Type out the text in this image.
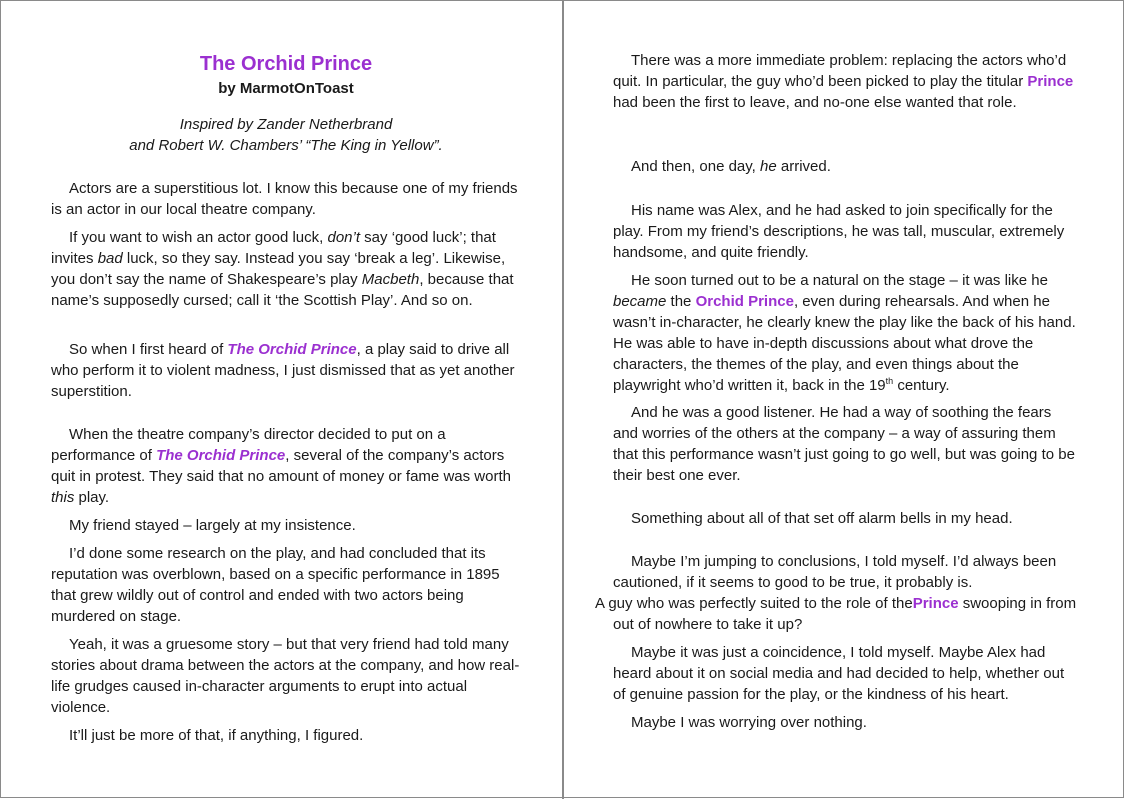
The Orchid Prince
by MarmotOnToast
Inspired by Zander Netherbrand
and Robert W. Chambers’ “The King in Yellow”.

Actors are a superstitious lot. I know this because one of my friends is an actor in our local theatre company.

If you want to wish an actor good luck, don’t say ‘good luck’; that invites bad luck, so they say. Instead you say ‘break a leg’. Likewise, you don’t say the name of Shakespeare’s play Macbeth, because that name’s supposedly cursed; call it ‘the Scottish Play’. And so on.

So when I first heard of The Orchid Prince, a play said to drive all who perform it to violent madness, I just dismissed that as yet another superstition.

When the theatre company’s director decided to put on a performance of The Orchid Prince, several of the company’s actors quit in protest. They said that no amount of money or fame was worth this play.

My friend stayed – largely at my insistence.

I’d done some research on the play, and had concluded that its reputation was overblown, based on a specific performance in 1895 that grew wildly out of control and ended with two actors being murdered on stage.

Yeah, it was a gruesome story – but that very friend had told many stories about drama between the actors at the company, and how real-life grudges caused in-character arguments to erupt into actual violence.

It’ll just be more of that, if anything, I figured.

There was a more immediate problem: replacing the actors who’d quit. In particular, the guy who’d been picked to play the titular Prince had been the first to leave, and no-one else wanted that role.

And then, one day, he arrived.

His name was Alex, and he had asked to join specifically for the play. From my friend’s descriptions, he was tall, muscular, extremely handsome, and quite friendly.

He soon turned out to be a natural on the stage – it was like he became the Orchid Prince, even during rehearsals. And when he wasn’t in-character, he clearly knew the play like the back of his hand. He was able to have in-depth discussions about what drove the characters, the themes of the play, and even things about the playwright who’d written it, back in the 19th century.

And he was a good listener. He had a way of soothing the fears and worries of the others at the company – a way of assuring them that this performance wasn’t just going to go well, but was going to be their best one ever.

Something about all of that set off alarm bells in my head.

Maybe I’m jumping to conclusions, I told myself. I’d always been cautioned, if it seems to good to be true, it probably is.
A guy who was perfectly suited to the role of thePrince swooping in from out of nowhere to take it up?

Maybe it was just a coincidence, I told myself. Maybe Alex had heard about it on social media and had decided to help, whether out of genuine passion for the play, or the kindness of his heart.

Maybe I was worrying over nothing.
